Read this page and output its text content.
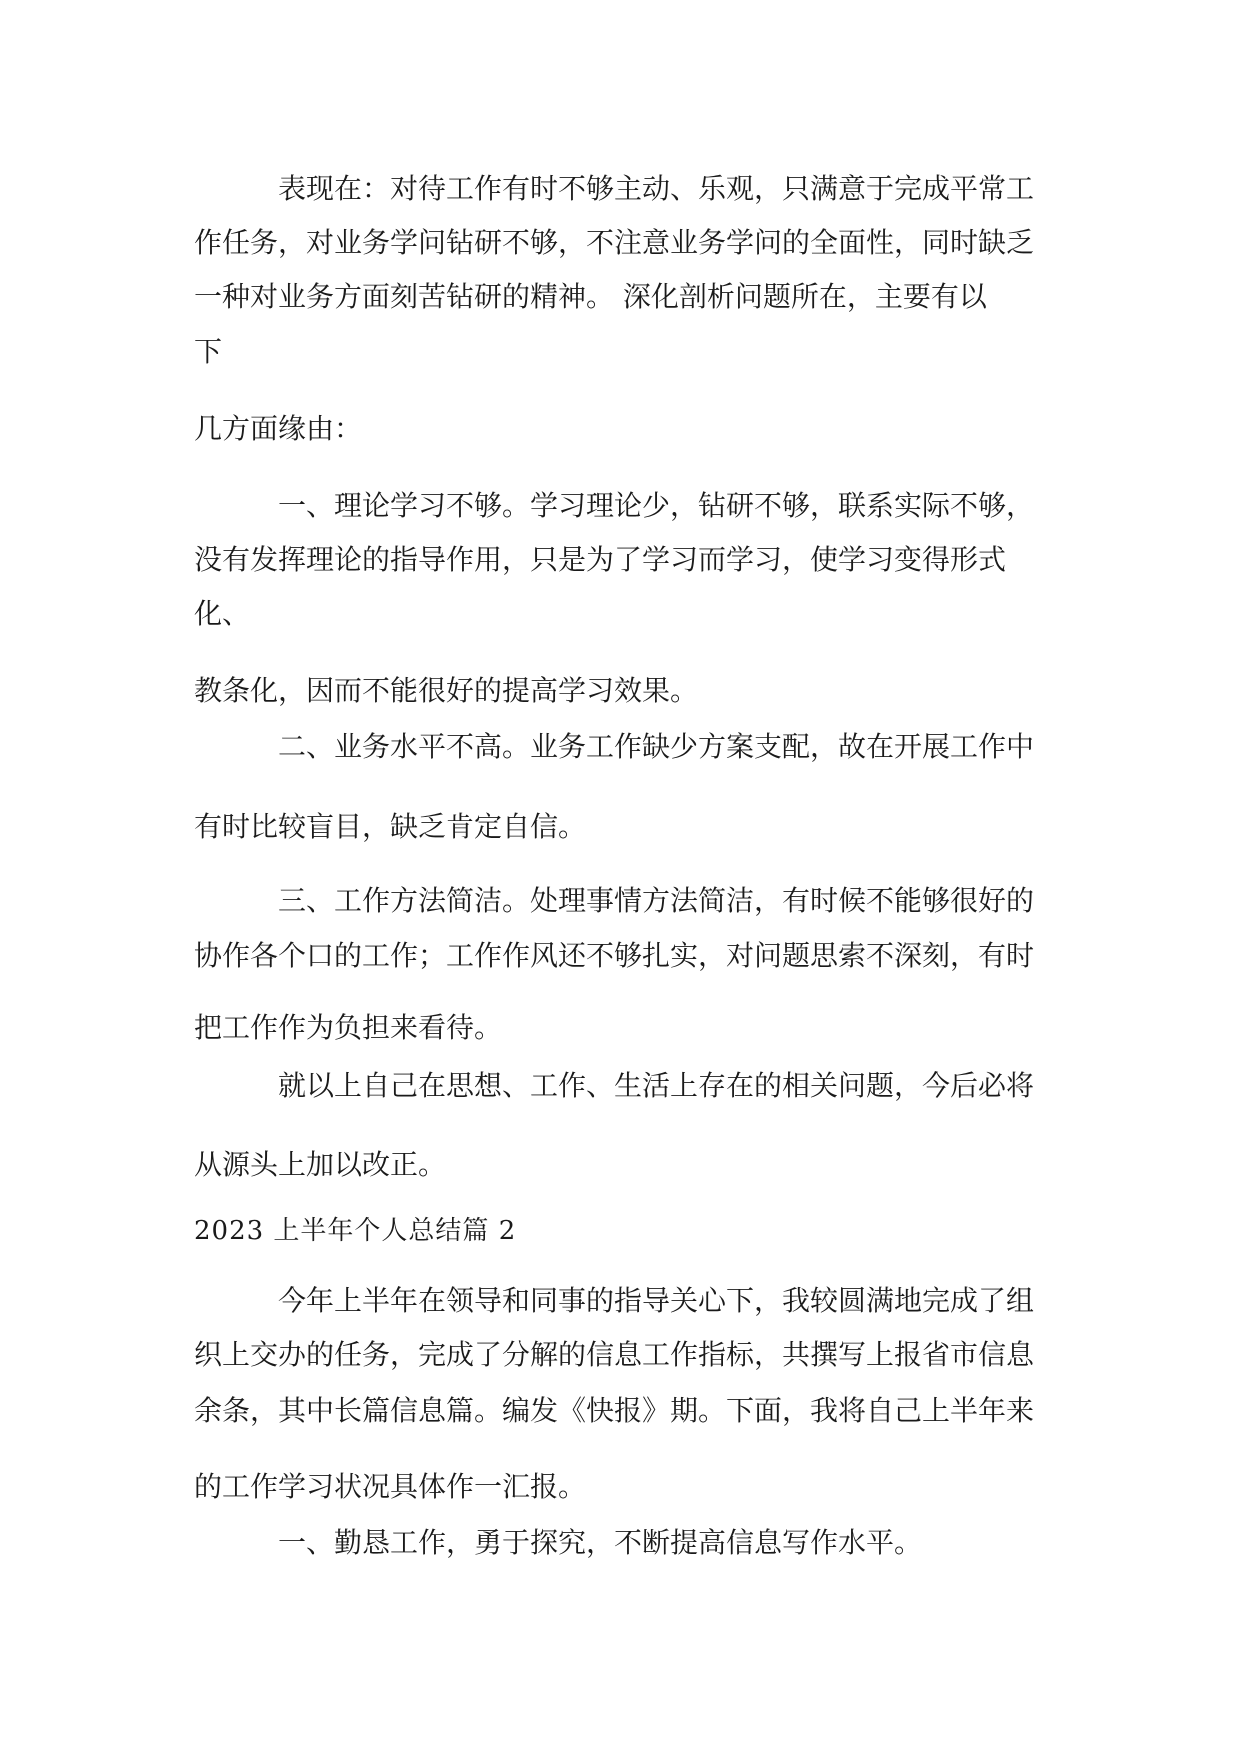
表现在：对待工作有时不够主动、乐观，只满意于完成平常工
作任务，对业务学问钻研不够，不注意业务学问的全面性，同时缺乏
一种对业务方面刻苦钻研的精神。 深化剖析问题所在，主要有以
下
几方面缘由：
一、理论学习不够。学习理论少，钻研不够，联系实际不够，
没有发挥理论的指导作用，只是为了学习而学习，使学习变得形式
化、
教条化，因而不能很好的提高学习效果。
二、业务水平不高。业务工作缺少方案支配，故在开展工作中
有时比较盲目，缺乏肯定自信。
三、工作方法简洁。处理事情方法简洁，有时候不能够很好的
协作各个口的工作；工作作风还不够扎实，对问题思索不深刻，有时
把工作作为负担来看待。
就以上自己在思想、工作、生活上存在的相关问题，今后必将
从源头上加以改正。
2023 上半年个人总结篇 2
今年上半年在领导和同事的指导关心下，我较圆满地完成了组
织上交办的任务，完成了分解的信息工作指标，共撰写上报省市信息
余条，其中长篇信息篇。编发《快报》期。下面，我将自己上半年来
的工作学习状况具体作一汇报。
一、勤恳工作，勇于探究，不断提高信息写作水平。
